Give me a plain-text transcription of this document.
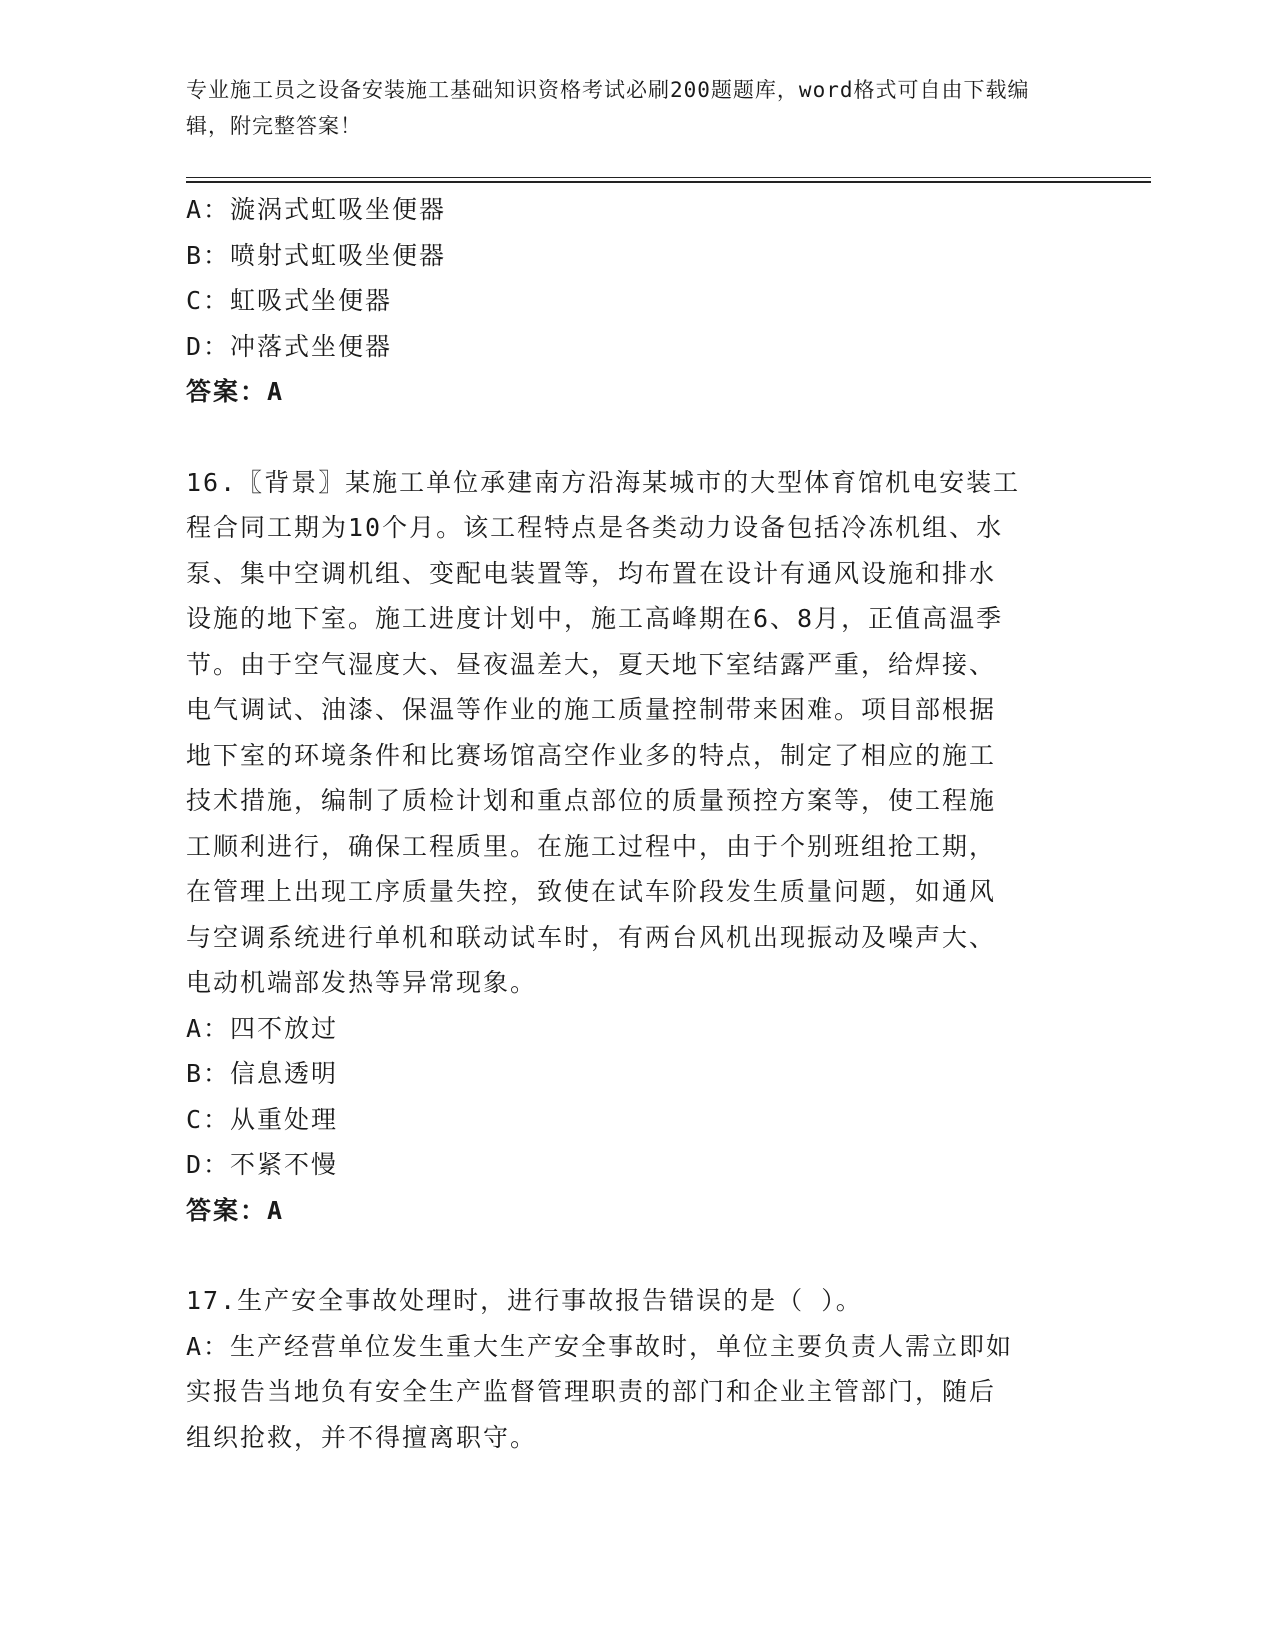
专业施工员之设备安装施工基础知识资格考试必刷200题题库，word格式可自由下载编辑，附完整答案！
A：漩涡式虹吸坐便器
B：喷射式虹吸坐便器
C：虹吸式坐便器
D：冲落式坐便器
答案：A
16.〖背景〗某施工单位承建南方沿海某城市的大型体育馆机电安装工
程合同工期为10个月。该工程特点是各类动力设备包括冷冻机组、水
泵、集中空调机组、变配电装置等，均布置在设计有通风设施和排水
设施的地下室。施工进度计划中，施工高峰期在6、8月，正值高温季
节。由于空气湿度大、昼夜温差大，夏天地下室结露严重，给焊接、
电气调试、油漆、保温等作业的施工质量控制带来困难。项目部根据
地下室的环境条件和比赛场馆高空作业多的特点，制定了相应的施工
技术措施，编制了质检计划和重点部位的质量预控方案等，使工程施
工顺利进行，确保工程质里。在施工过程中，由于个别班组抢工期，
在管理上出现工序质量失控，致使在试车阶段发生质量问题，如通风
与空调系统进行单机和联动试车时，有两台风机出现振动及噪声大、
电动机端部发热等异常现象。
A：四不放过
B：信息透明
C：从重处理
D：不紧不慢
答案：A
17.生产安全事故处理时，进行事故报告错误的是（ ）。
A：生产经营单位发生重大生产安全事故时，单位主要负责人需立即如
实报告当地负有安全生产监督管理职责的部门和企业主管部门，随后
组织抢救，并不得擅离职守。
